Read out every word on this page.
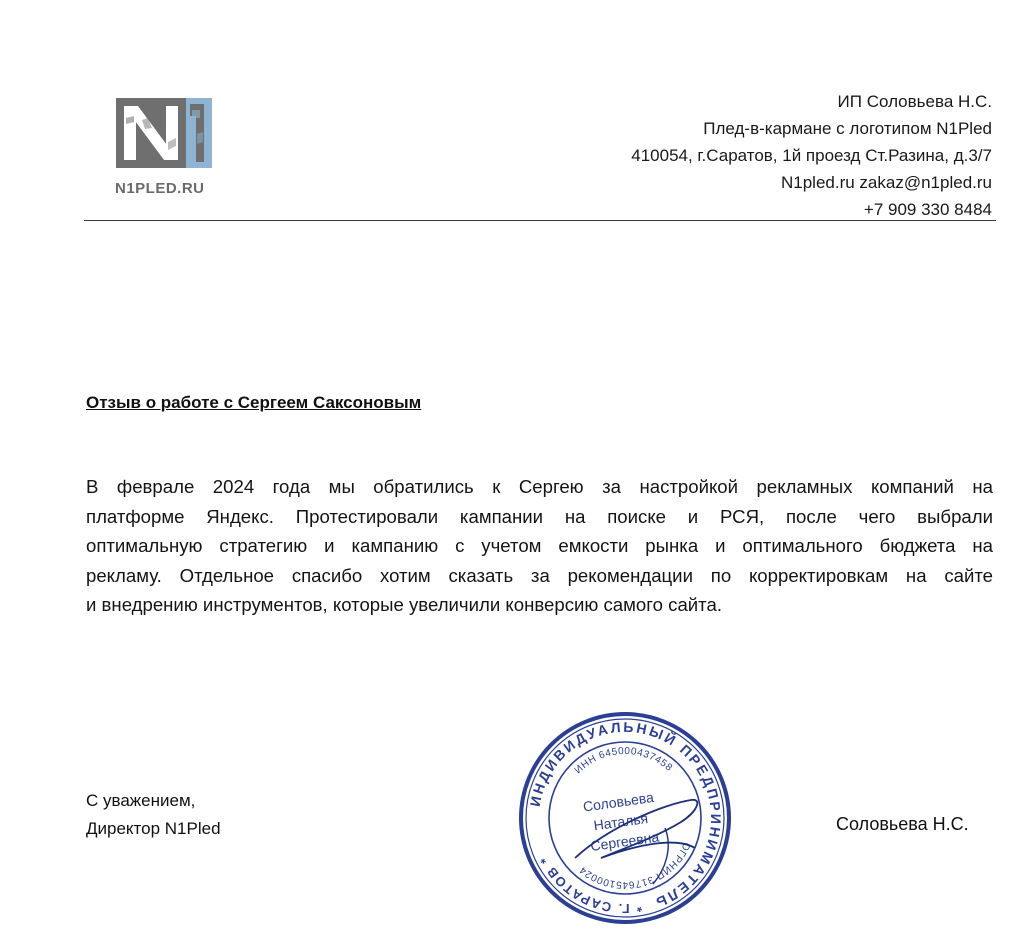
N1PLED.RU
ИП Соловьева Н.С.
Плед-в-кармане с логотипом N1Pled
410054, г.Саратов, 1й проезд Ст.Разина, д.3/7
N1pled.ru zakaz@n1pled.ru
+7 909 330 8484
Отзыв о работе с Сергеем Саксоновым
В феврале 2024 года мы обратились к Сергею за настройкой рекламных компаний на
платформе Яндекс. Протестировали кампании на поиске и РСЯ, после чего выбрали
оптимальную стратегию и кампанию с учетом емкости рынка и оптимального бюджета на
рекламу. Отдельное спасибо хотим сказать за рекомендации по корректировкам на сайте
и внедрению инструментов, которые увеличили конверсию самого сайта.
С уважением,
Директор N1Pled	Соловьева Н.С.
ИНДИВИДУАЛЬНЫЙ ПРЕДПРИНИМАТЕЛЬ
* Г. САРАТОВ *
ИНН 645000437458
ОГРНИП 317645100024
Соловьева
Наталья
Сергеевна
